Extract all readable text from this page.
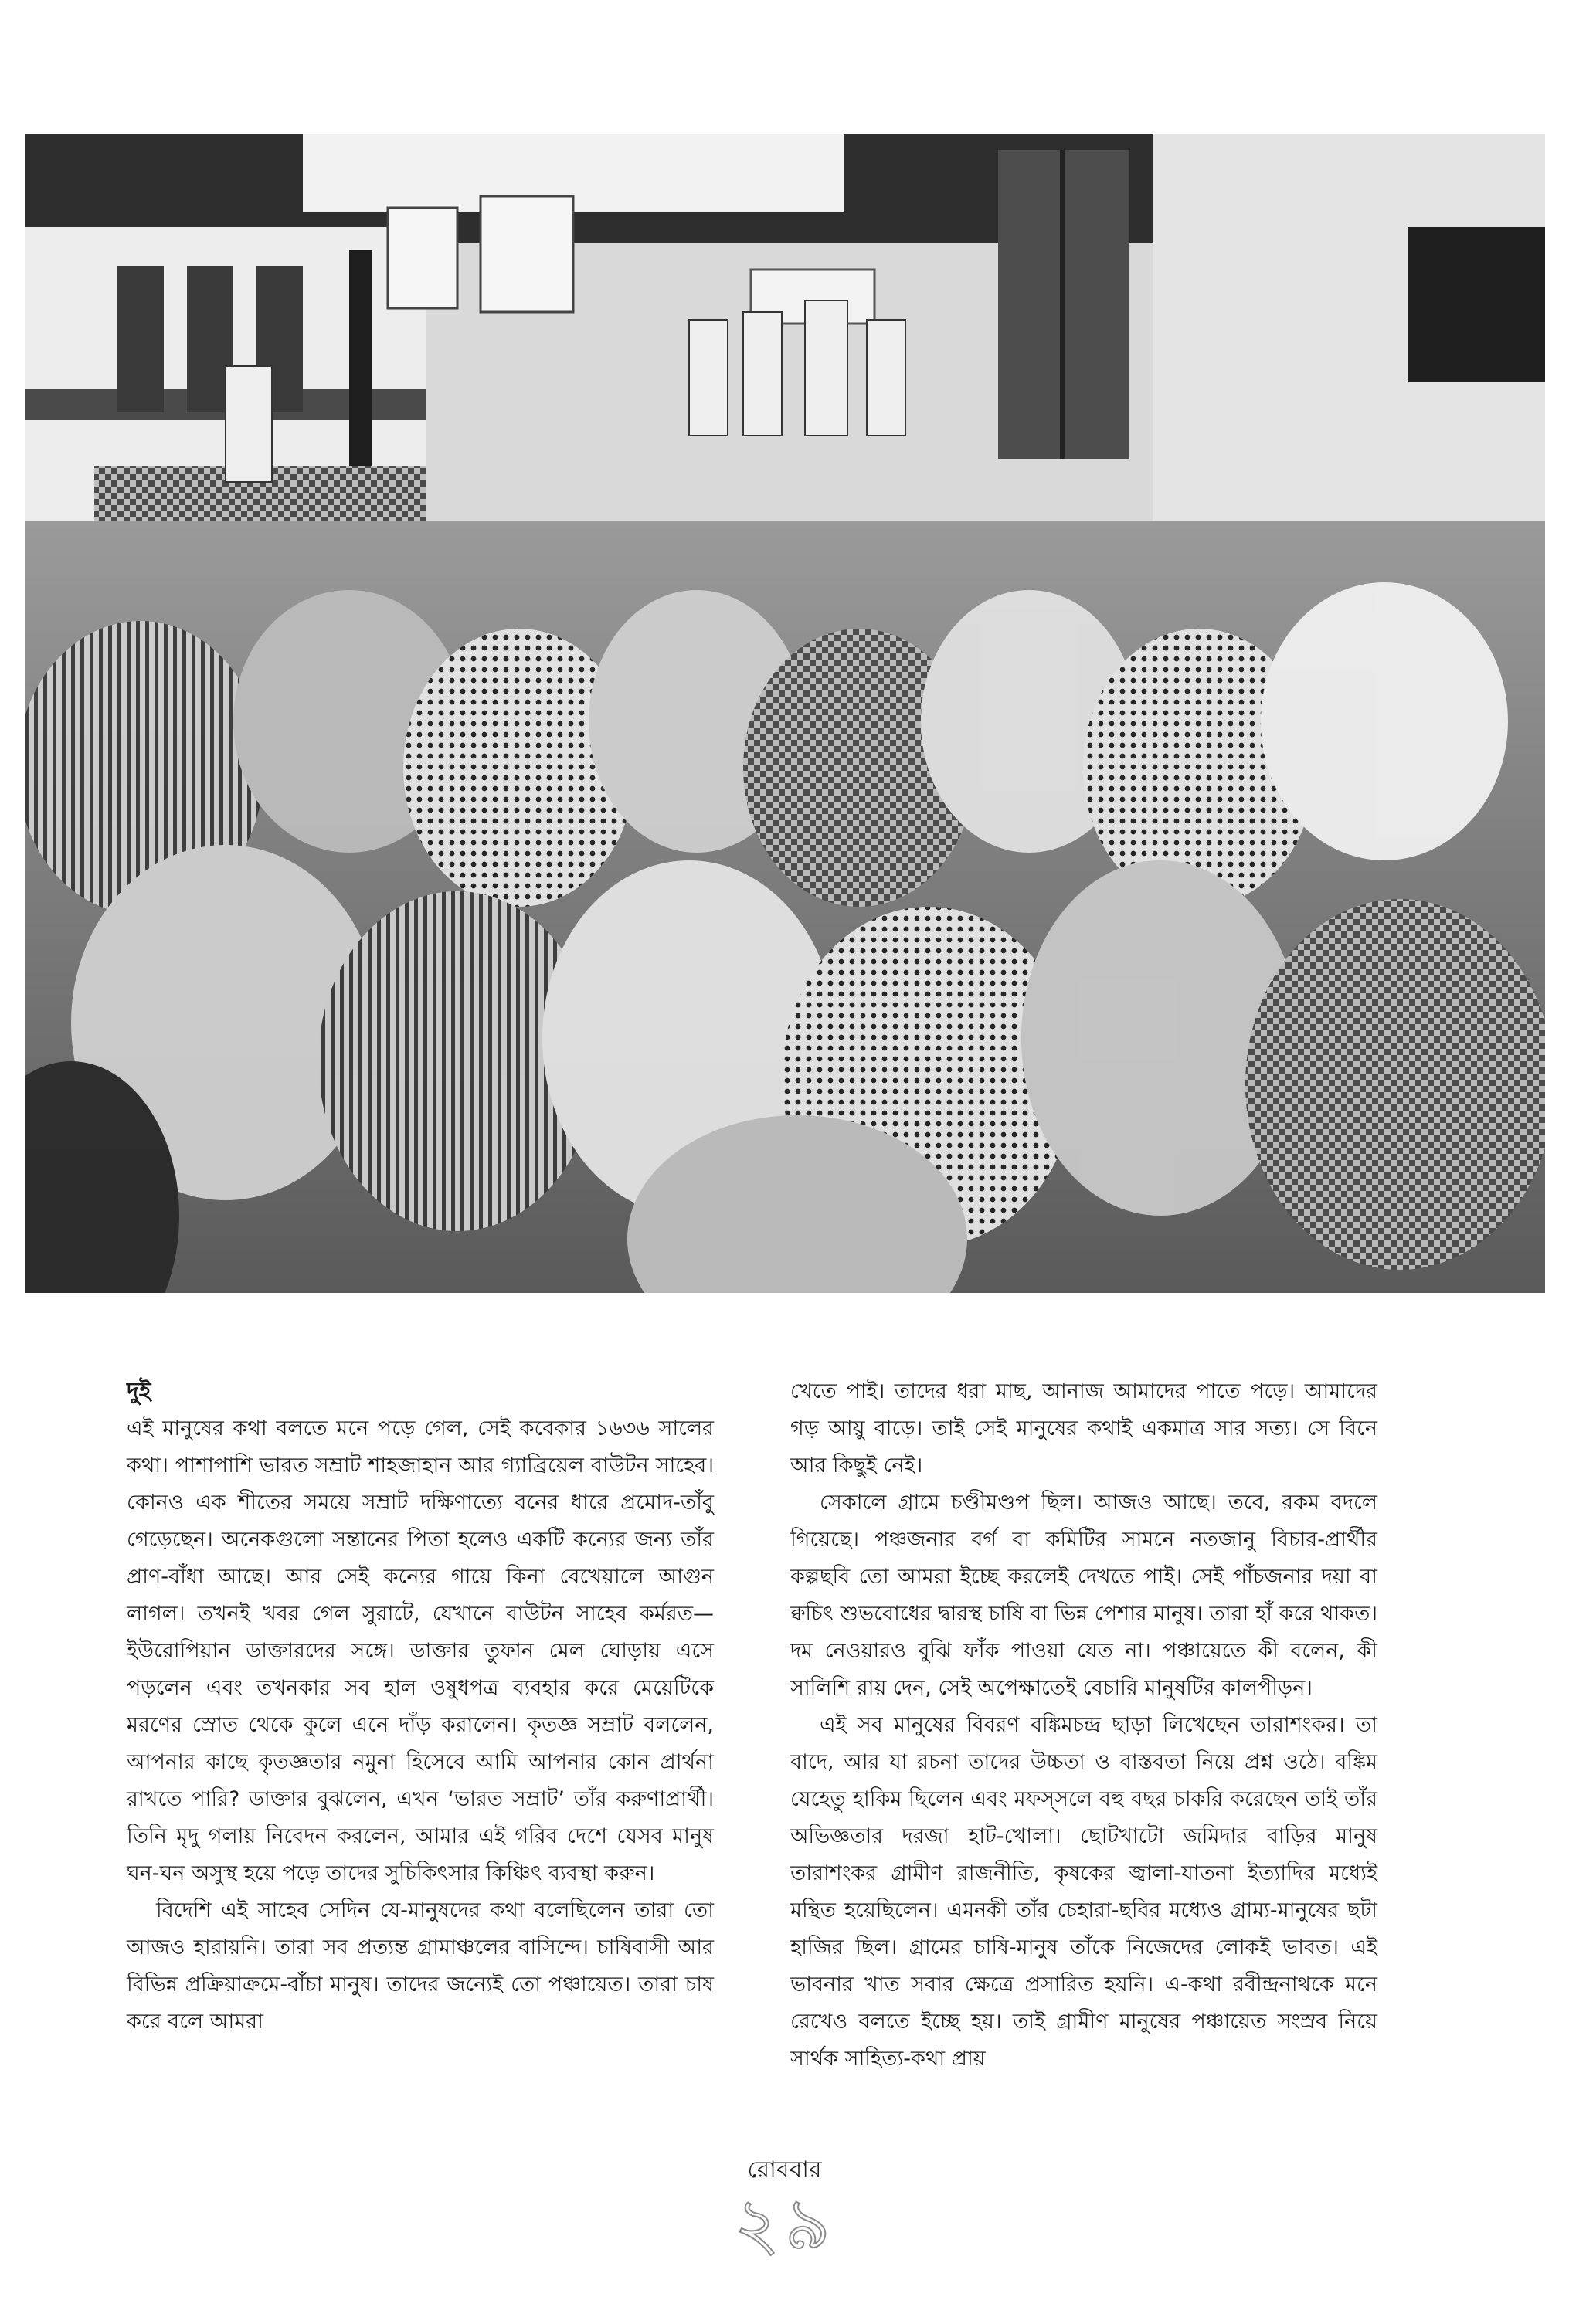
দুই

এই মানুষের কথা বলতে মনে পড়ে গেল, সেই কবেকার ১৬৩৬ সালের কথা। পাশাপাশি ভারত সম্রাট শাহজাহান আর গ্যাব্রিয়েল বাউটন সাহেব। কোনও এক শীতের সময়ে সম্রাট দক্ষিণাত্যে বনের ধারে প্রমোদ-তাঁবু গেড়েছেন। অনেকগুলো সন্তানের পিতা হলেও একটি কন্যের জন্য তাঁর প্রাণ-বাঁধা আছে। আর সেই কন্যের গায়ে কিনা বেখেয়ালে আগুন লাগল। তখনই খবর গেল সুরাটে, যেখানে বাউটন সাহেব কর্মরত—ইউরোপিয়ান ডাক্তারদের সঙ্গে। ডাক্তার তুফান মেল ঘোড়ায় এসে পড়লেন এবং তখনকার সব হাল ওষুধপত্র ব্যবহার করে মেয়েটিকে মরণের স্রোত থেকে কুলে এনে দাঁড় করালেন। কৃতজ্ঞ সম্রাট বললেন, আপনার কাছে কৃতজ্ঞতার নমুনা হিসেবে আমি আপনার কোন প্রার্থনা রাখতে পারি? ডাক্তার বুঝলেন, এখন ‘ভারত সম্রাট’ তাঁর করুণাপ্রার্থী। তিনি মৃদু গলায় নিবেদন করলেন, আমার এই গরিব দেশে যেসব মানুষ ঘন-ঘন অসুস্থ হয়ে পড়ে তাদের সুচিকিৎসার কিঞ্চিৎ ব্যবস্থা করুন।

বিদেশি এই সাহেব সেদিন যে-মানুষদের কথা বলেছিলেন তারা তো আজও হারায়নি। তারা সব প্রত্যন্ত গ্রামাঞ্চলের বাসিন্দে। চাষিবাসী আর বিভিন্ন প্রক্রিয়াক্রমে-বাঁচা মানুষ। তাদের জন্যেই তো পঞ্চায়েত। তারা চাষ করে বলে আমরা

খেতে পাই। তাদের ধরা মাছ, আনাজ আমাদের পাতে পড়ে। আমাদের গড় আয়ু বাড়ে। তাই সেই মানুষের কথাই একমাত্র সার সত্য। সে বিনে আর কিছুই নেই।

সেকালে গ্রামে চণ্ডীমণ্ডপ ছিল। আজও আছে। তবে, রকম বদলে গিয়েছে। পঞ্চজনার বর্গ বা কমিটির সামনে নতজানু বিচার-প্রার্থীর কল্পছবি তো আমরা ইচ্ছে করলেই দেখতে পাই। সেই পাঁচজনার দয়া বা ক্বচিৎ শুভবোধের দ্বারস্থ চাষি বা ভিন্ন পেশার মানুষ। তারা হাঁ করে থাকত। দম নেওয়ারও বুঝি ফাঁক পাওয়া যেত না। পঞ্চায়েতে কী বলেন, কী সালিশি রায় দেন, সেই অপেক্ষাতেই বেচারি মানুষটির কালপীড়ন।

এই সব মানুষের বিবরণ বঙ্কিমচন্দ্র ছাড়া লিখেছেন তারাশংকর। তা বাদে, আর যা রচনা তাদের উচ্চতা ও বাস্তবতা নিয়ে প্রশ্ন ওঠে। বঙ্কিম যেহেতু হাকিম ছিলেন এবং মফস্সলে বহু বছর চাকরি করেছেন তাই তাঁর অভিজ্ঞতার দরজা হাট-খোলা। ছোটখাটো জমিদার বাড়ির মানুষ তারাশংকর গ্রামীণ রাজনীতি, কৃষকের জ্বালা-যাতনা ইত্যাদির মধ্যেই মন্থিত হয়েছিলেন। এমনকী তাঁর চেহারা-ছবির মধ্যেও গ্রাম্য-মানুষের ছটা হাজির ছিল। গ্রামের চাষি-মানুষ তাঁকে নিজেদের লোকই ভাবত। এই ভাবনার খাত সবার ক্ষেত্রে প্রসারিত হয়নি। এ-কথা রবীন্দ্রনাথকে মনে রেখেও বলতে ইচ্ছে হয়। তাই গ্রামীণ মানুষের পঞ্চায়েত সংস্রব নিয়ে সার্থক সাহিত্য-কথা প্রায়

রোববার
২৯
